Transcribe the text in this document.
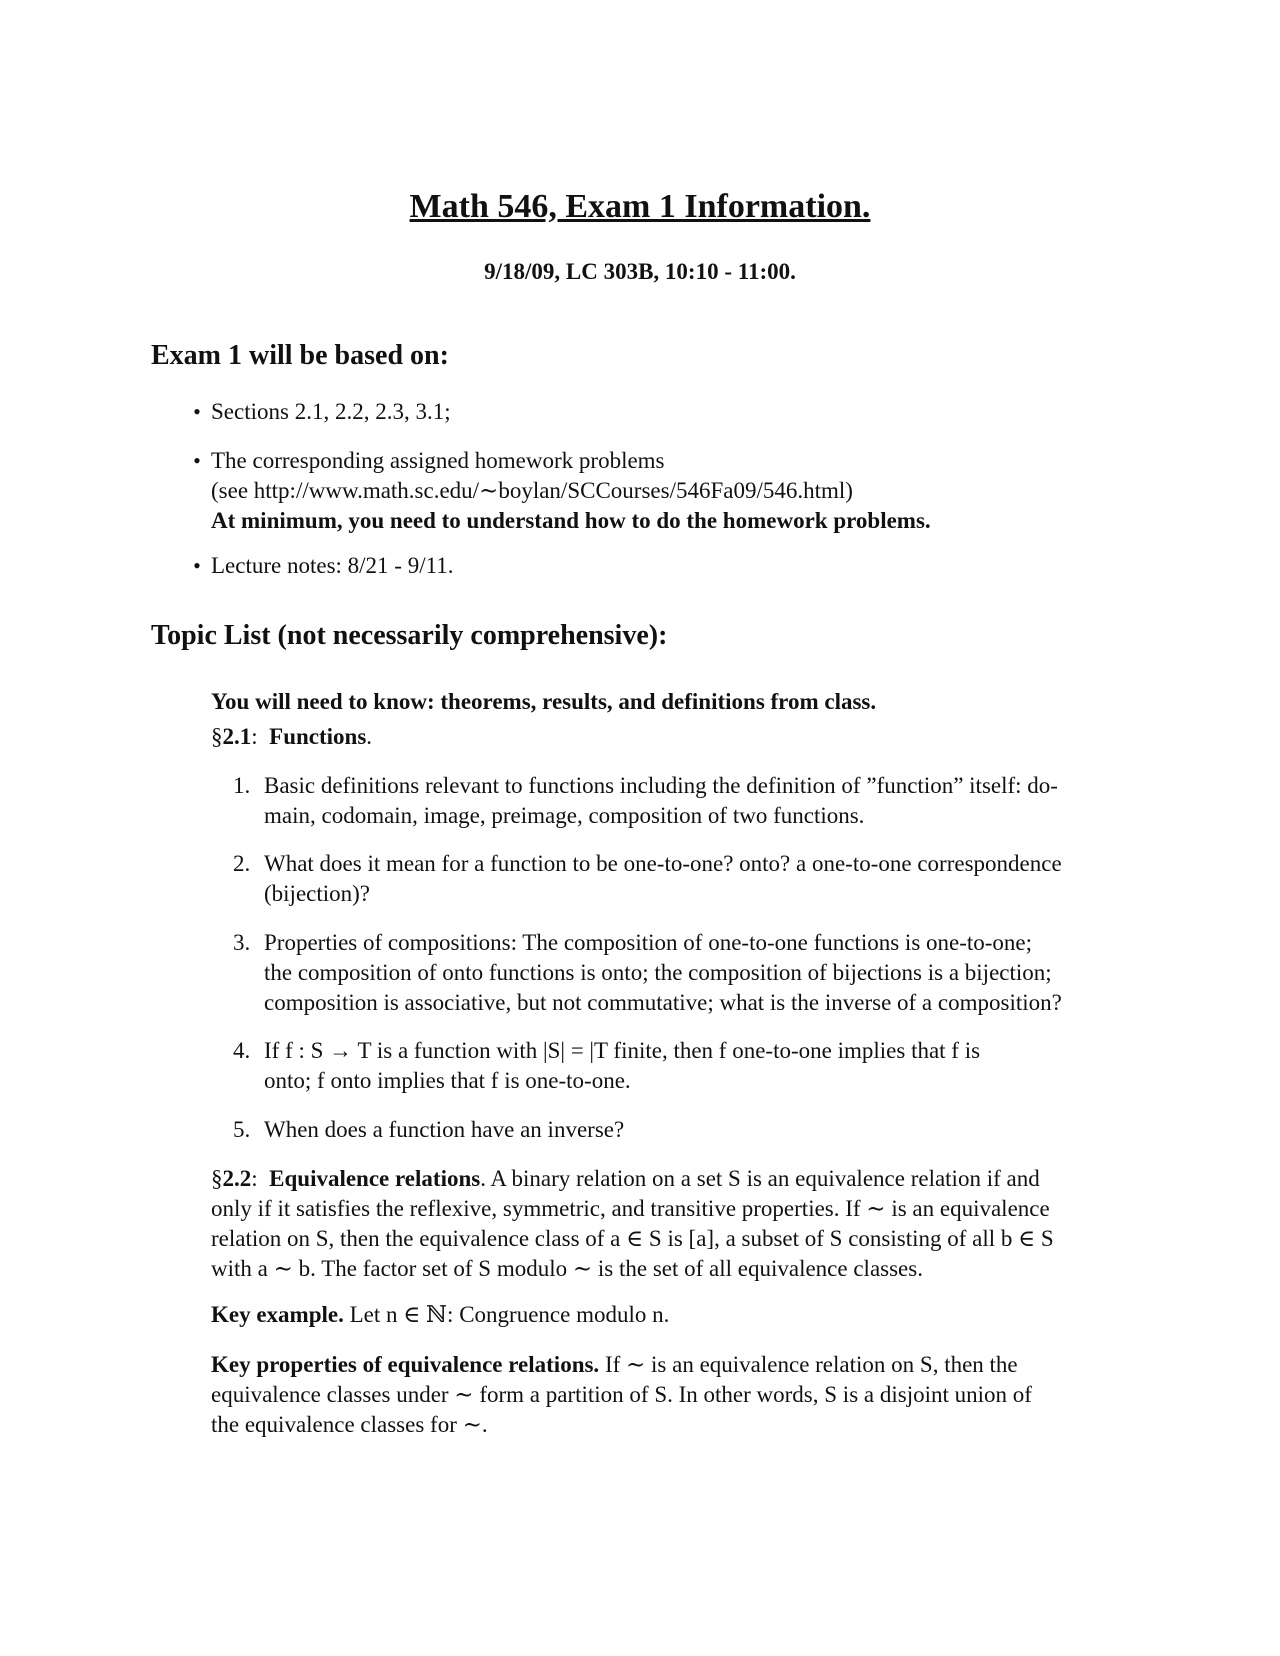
Math 546, Exam 1 Information.
9/18/09, LC 303B, 10:10 - 11:00.
Exam 1 will be based on:
• Sections 2.1, 2.2, 2.3, 3.1;
• The corresponding assigned homework problems
(see http://www.math.sc.edu/∼boylan/SCCourses/546Fa09/546.html)
At minimum, you need to understand how to do the homework problems.
• Lecture notes: 8/21 - 9/11.
Topic List (not necessarily comprehensive):
You will need to know: theorems, results, and definitions from class.
§2.1: Functions.
1. Basic definitions relevant to functions including the definition of ”function” itself: do-
main, codomain, image, preimage, composition of two functions.
2. What does it mean for a function to be one-to-one? onto? a one-to-one correspondence
(bijection)?
3. Properties of compositions: The composition of one-to-one functions is one-to-one;
the composition of onto functions is onto; the composition of bijections is a bijection;
composition is associative, but not commutative; what is the inverse of a composition?
4. If f : S → T is a function with |S| = |T finite, then f one-to-one implies that f is
onto; f onto implies that f is one-to-one.
5. When does a function have an inverse?
§2.2: Equivalence relations. A binary relation on a set S is an equivalence relation if and
only if it satisfies the reflexive, symmetric, and transitive properties. If ∼ is an equivalence
relation on S, then the equivalence class of a ∈ S is [a], a subset of S consisting of all b ∈ S
with a ∼ b. The factor set of S modulo ∼ is the set of all equivalence classes.
Key example. Let n ∈ ℕ: Congruence modulo n.
Key properties of equivalence relations. If ∼ is an equivalence relation on S, then the
equivalence classes under ∼ form a partition of S. In other words, S is a disjoint union of
the equivalence classes for ∼.
